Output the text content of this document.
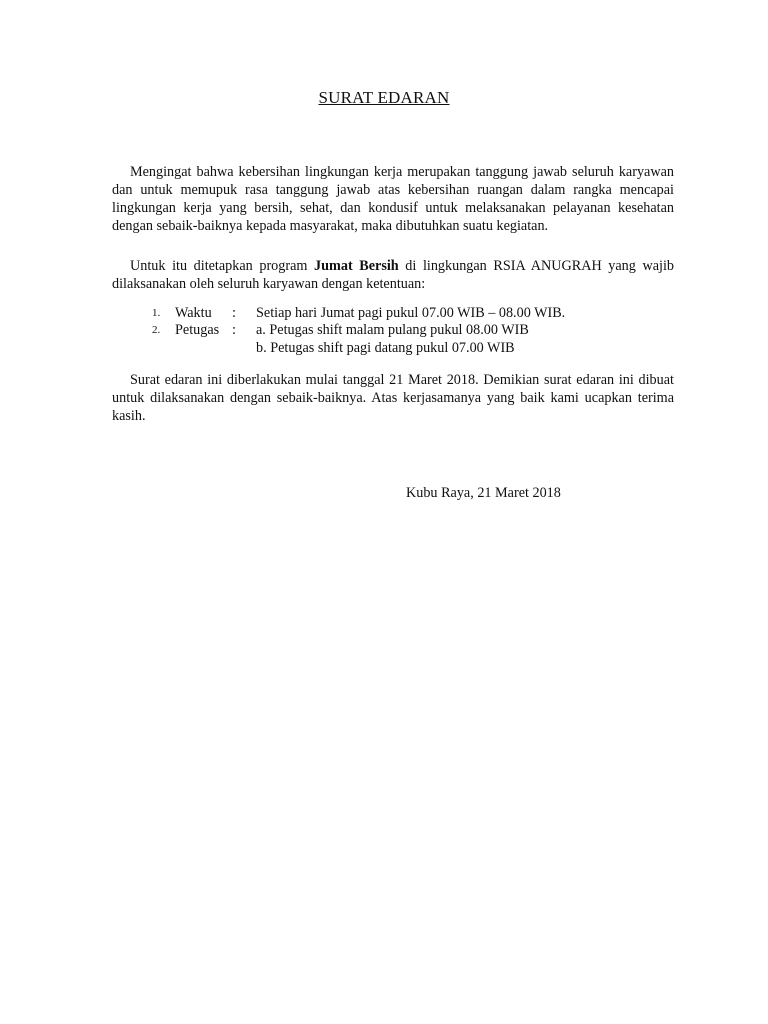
SURAT EDARAN
Mengingat bahwa kebersihan lingkungan kerja merupakan tanggung jawab seluruh karyawan dan untuk memupuk rasa tanggung jawab atas kebersihan ruangan dalam rangka mencapai lingkungan kerja yang bersih, sehat, dan kondusif untuk melaksanakan pelayanan kesehatan dengan sebaik-baiknya kepada masyarakat, maka dibutuhkan suatu kegiatan.
Untuk itu ditetapkan program Jumat Bersih di lingkungan RSIA ANUGRAH yang wajib dilaksanakan oleh seluruh karyawan dengan ketentuan:
1. Waktu : Setiap hari Jumat pagi pukul 07.00 WIB – 08.00 WIB.
2. Petugas : a. Petugas shift malam pulang pukul 08.00 WIB
b. Petugas shift pagi datang pukul 07.00 WIB
Surat edaran ini diberlakukan mulai tanggal 21 Maret 2018. Demikian surat edaran ini dibuat untuk dilaksanakan dengan sebaik-baiknya. Atas kerjasamanya yang baik kami ucapkan terima kasih.
Kubu Raya, 21 Maret 2018
